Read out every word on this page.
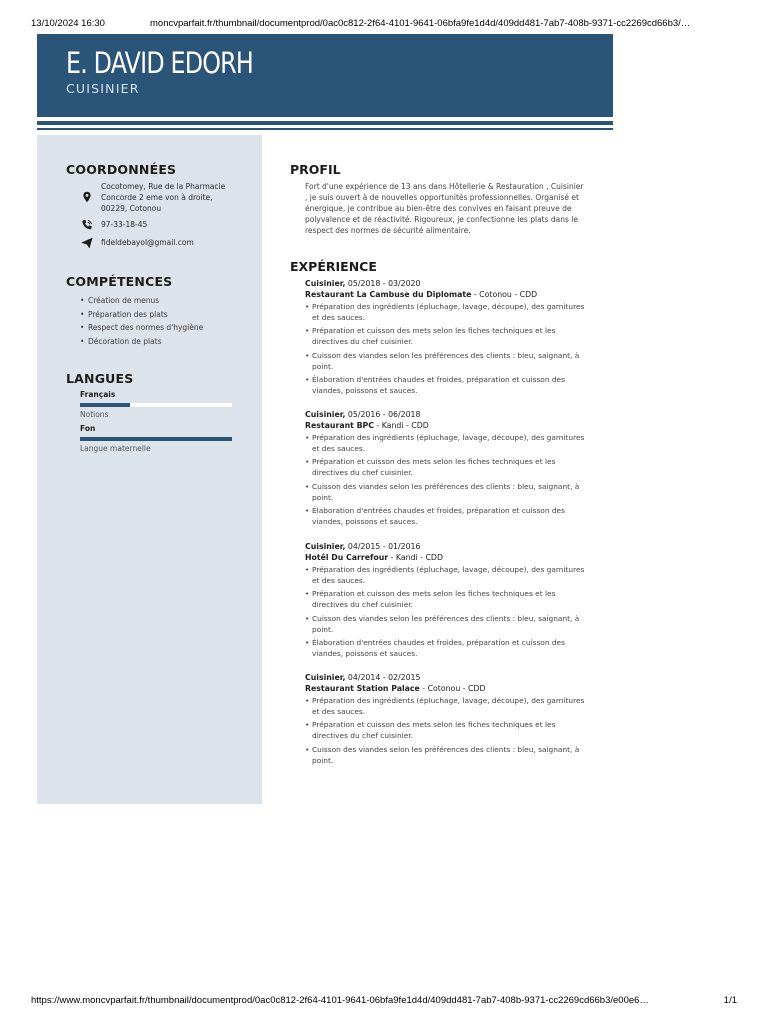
13/10/2024 16:30	moncvparfait.fr/thumbnail/documentprod/0ac0c812-2f64-4101-9641-06bfa9fe1d4d/409dd481-7ab7-408b-9371-cc2269cd66b3/…
https://www.moncvparfait.fr/thumbnail/documentprod/0ac0c812-2f64-4101-9641-06bfa9fe1d4d/409dd481-7ab7-408b-9371-cc2269cd66b3/e00e6…	1/1
E. DAVID EDORH
CUISINIER
COORDONNÉES
Cocotomey, Rue de la Pharmacie Concorde 2 eme von à droite, 00229, Cotonou
97-33-18-45
fideldebayol@gmail.com
COMPÉTENCES
• Création de menus
• Préparation des plats
• Respect des normes d'hygiène
• Décoration de plats
LANGUES
Français
Notions
Fon
Langue maternelle
PROFIL
Fort d'une expérience de 13 ans dans Hôtellerie & Restauration , Cuisinier , je suis ouvert à de nouvelles opportunités professionnelles. Organisé et énergique, je contribue au bien-être des convives en faisant preuve de polyvalence et de réactivité. Rigoureux, je confectionne les plats dans le respect des normes de sécurité alimentaire.
EXPÉRIENCE
Cuisinier, 05/2018 - 03/2020
Restaurant La Cambuse du Diplomate - Cotonou - CDD
• Préparation des ingrédients (épluchage, lavage, découpe), des garnitures et des sauces.
• Préparation et cuisson des mets selon les fiches techniques et les directives du chef cuisinier.
• Cuisson des viandes selon les préférences des clients : bleu, saignant, à point.
• Élaboration d'entrées chaudes et froides, préparation et cuisson des viandes, poissons et sauces.
Cuisinier, 05/2016 - 06/2018
Restaurant BPC - Kandi - CDD
• Préparation des ingrédients (épluchage, lavage, découpe), des garnitures et des sauces.
• Préparation et cuisson des mets selon les fiches techniques et les directives du chef cuisinier.
• Cuisson des viandes selon les préférences des clients : bleu, saignant, à point.
• Élaboration d'entrées chaudes et froides, préparation et cuisson des viandes, poissons et sauces.
Cuisinier, 04/2015 - 01/2016
Hotêl Du Carrefour - Kandi - CDD
• Préparation des ingrédients (épluchage, lavage, découpe), des garnitures et des sauces.
• Préparation et cuisson des mets selon les fiches techniques et les directives du chef cuisinier.
• Cuisson des viandes selon les préférences des clients : bleu, saignant, à point.
• Élaboration d'entrées chaudes et froides, préparation et cuisson des viandes, poissons et sauces.
Cuisinier, 04/2014 - 02/2015
Restaurant Station Palace - Cotonou - CDD
• Préparation des ingrédients (épluchage, lavage, découpe), des garnitures et des sauces.
• Préparation et cuisson des mets selon les fiches techniques et les directives du chef cuisinier.
• Cuisson des viandes selon les préférences des clients : bleu, saignant, à point.
